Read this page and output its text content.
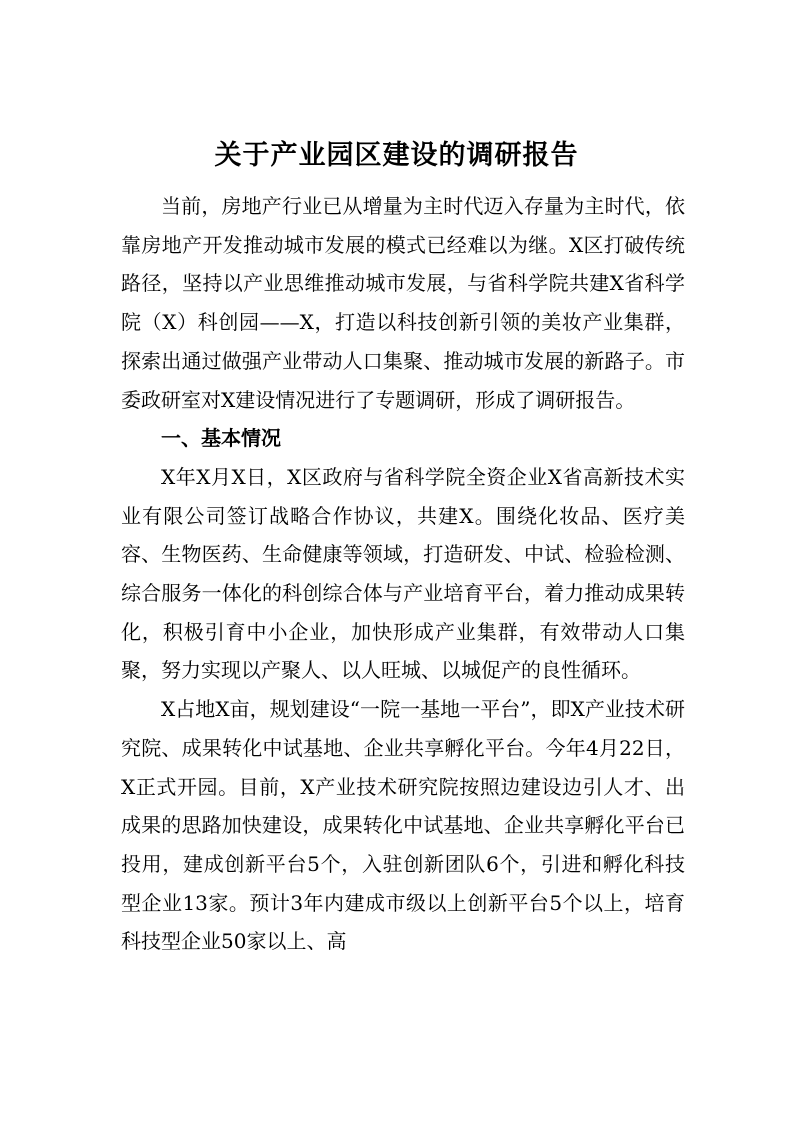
关于产业园区建设的调研报告

当前，房地产行业已从增量为主时代迈入存量为主时代，依靠房地产开发推动城市发展的模式已经难以为继。X区打破传统路径，坚持以产业思维推动城市发展，与省科学院共建X省科学院（X）科创园——X，打造以科技创新引领的美妆产业集群，探索出通过做强产业带动人口集聚、推动城市发展的新路子。市委政研室对X建设情况进行了专题调研，形成了调研报告。

一、基本情况

X年X月X日，X区政府与省科学院全资企业X省高新技术实业有限公司签订战略合作协议，共建X。围绕化妆品、医疗美容、生物医药、生命健康等领域，打造研发、中试、检验检测、综合服务一体化的科创综合体与产业培育平台，着力推动成果转化，积极引育中小企业，加快形成产业集群，有效带动人口集聚，努力实现以产聚人、以人旺城、以城促产的良性循环。

X占地X亩，规划建设“一院一基地一平台”，即X产业技术研究院、成果转化中试基地、企业共享孵化平台。今年4月22日，X正式开园。目前，X产业技术研究院按照边建设边引人才、出成果的思路加快建设，成果转化中试基地、企业共享孵化平台已投用，建成创新平台5个，入驻创新团队6个，引进和孵化科技型企业13家。预计3年内建成市级以上创新平台5个以上，培育科技型企业50家以上、高
